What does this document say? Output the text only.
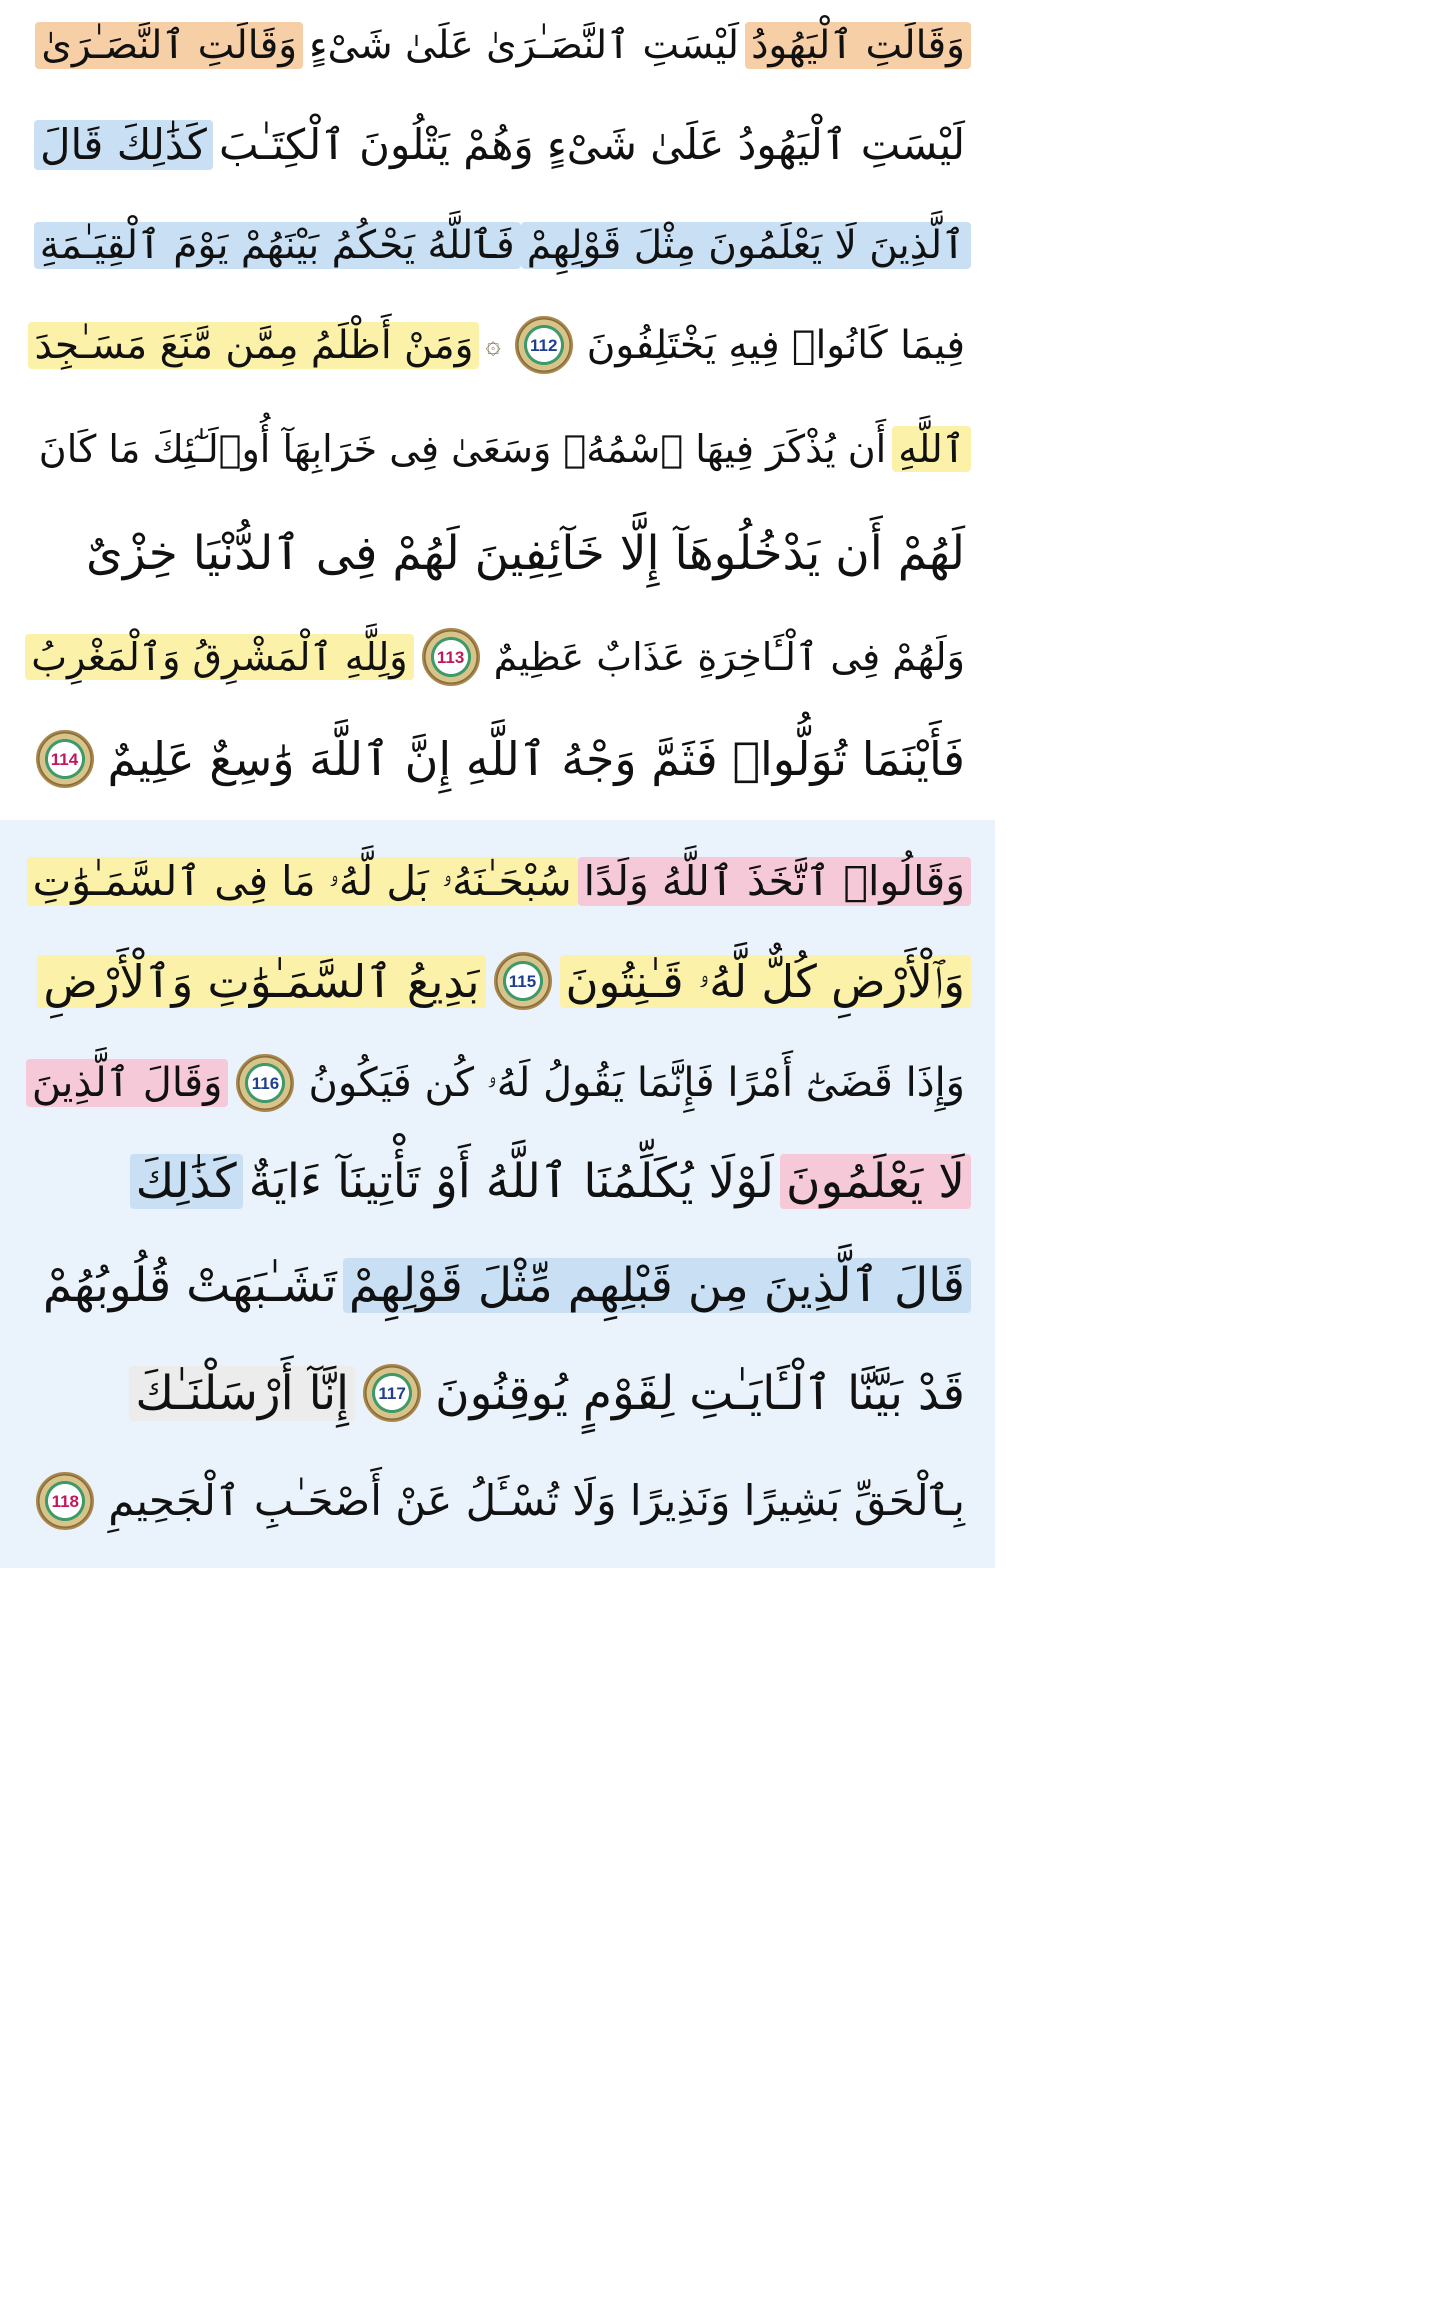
وَقَالَتِ ٱلْيَهُودُ
لَيْسَتِ ٱلنَّصَـٰرَىٰ عَلَىٰ شَىْءٍ
وَقَالَتِ ٱلنَّصَـٰرَىٰ
لَيْسَتِ ٱلْيَهُودُ عَلَىٰ شَىْءٍ وَهُمْ يَتْلُونَ ٱلْكِتَـٰبَ
كَذَٰلِكَ قَالَ
ٱلَّذِينَ لَا يَعْلَمُونَ مِثْلَ قَوْلِهِمْ
فَٱللَّهُ يَحْكُمُ بَيْنَهُمْ يَوْمَ ٱلْقِيَـٰمَةِ
فِيمَا كَانُوا۟ فِيهِ يَخْتَلِفُونَ
112
۞
وَمَنْ أَظْلَمُ مِمَّن مَّنَعَ مَسَـٰجِدَ
ٱللَّهِ
أَن يُذْكَرَ فِيهَا ٱسْمُهُۥ وَسَعَىٰ فِى خَرَابِهَآ أُو۟لَـٰٓئِكَ مَا كَانَ
لَهُمْ أَن يَدْخُلُوهَآ إِلَّا خَآئِفِينَ لَهُمْ فِى ٱلدُّنْيَا خِزْىٌ
وَلَهُمْ فِى ٱلْـَٔاخِرَةِ عَذَابٌ عَظِيمٌ
113
وَلِلَّهِ ٱلْمَشْرِقُ وَٱلْمَغْرِبُ
فَأَيْنَمَا تُوَلُّوا۟ فَثَمَّ وَجْهُ ٱللَّهِ إِنَّ ٱللَّهَ وَٰسِعٌ عَلِيمٌ
114
وَقَالُوا۟ ٱتَّخَذَ ٱللَّهُ وَلَدًا
سُبْحَـٰنَهُۥ بَل لَّهُۥ مَا فِى ٱلسَّمَـٰوَٰتِ
وَٱلْأَرْضِ كُلٌّ لَّهُۥ قَـٰنِتُونَ
115
بَدِيعُ ٱلسَّمَـٰوَٰتِ وَٱلْأَرْضِ
وَإِذَا قَضَىٰٓ أَمْرًا فَإِنَّمَا يَقُولُ لَهُۥ كُن فَيَكُونُ
116
وَقَالَ ٱلَّذِينَ
لَا يَعْلَمُونَ
لَوْلَا يُكَلِّمُنَا ٱللَّهُ أَوْ تَأْتِينَآ ءَايَةٌ
كَذَٰلِكَ
قَالَ ٱلَّذِينَ مِن قَبْلِهِم مِّثْلَ قَوْلِهِمْ
تَشَـٰبَهَتْ قُلُوبُهُمْ
قَدْ بَيَّنَّا ٱلْـَٔايَـٰتِ لِقَوْمٍ يُوقِنُونَ
117
إِنَّآ أَرْسَلْنَـٰكَ
بِٱلْحَقِّ بَشِيرًا وَنَذِيرًا وَلَا تُسْـَٔلُ عَنْ أَصْحَـٰبِ ٱلْجَحِيمِ
118
